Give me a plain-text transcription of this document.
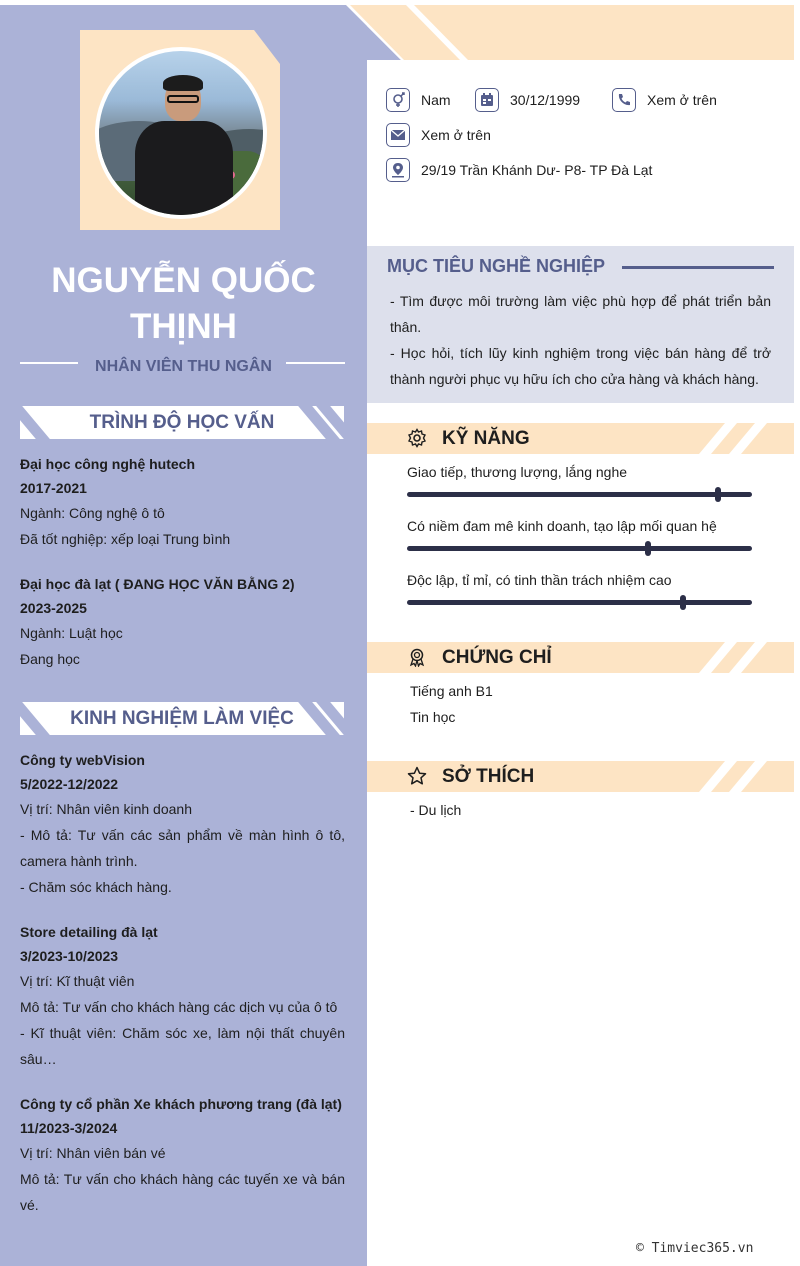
NGUYỄN QUỐC
THỊNH
NHÂN VIÊN THU NGÂN
TRÌNH ĐỘ HỌC VẤN
Đại học công nghệ hutech
2017-2021
Ngành: Công nghệ ô tô
Đã tốt nghiệp: xếp loại Trung bình
Đại học đà lạt ( ĐANG HỌC VĂN BẰNG 2)
2023-2025
Ngành: Luật học
Đang học
KINH NGHIỆM LÀM VIỆC
Công ty webVision
5/2022-12/2022
Vị trí: Nhân viên kinh doanh
- Mô tả: Tư vấn các sản phẩm về màn hình ô tô, camera hành trình.
- Chăm sóc khách hàng.
Store detailing đà lạt
3/2023-10/2023
Vị trí: Kĩ thuật viên
Mô tả: Tư vấn cho khách hàng các dịch vụ của ô tô
- Kĩ thuật viên: Chăm sóc xe, làm nội thất chuyên sâu…
Công ty cổ phần Xe khách phương trang (đà lạt)
11/2023-3/2024
Vị trí: Nhân viên bán vé
Mô tả: Tư vấn cho khách hàng các tuyến xe và bán vé.
Nam	30/12/1999	Xem ở trên
Xem ở trên
29/19 Trần Khánh Dư- P8- TP Đà Lạt
MỤC TIÊU NGHỀ NGHIỆP
- Tìm được môi trường làm việc phù hợp để phát triển bản thân.
- Học hỏi, tích lũy kinh nghiệm trong việc bán hàng để trở thành người phục vụ hữu ích cho cửa hàng và khách hàng.
KỸ NĂNG
Giao tiếp, thương lượng, lắng nghe
Có niềm đam mê kinh doanh, tạo lập mối quan hệ
Độc lập, tỉ mỉ, có tinh thần trách nhiệm cao
CHỨNG CHỈ
Tiếng anh B1
Tin học
SỞ THÍCH
- Du lịch
© Timviec365.vn
